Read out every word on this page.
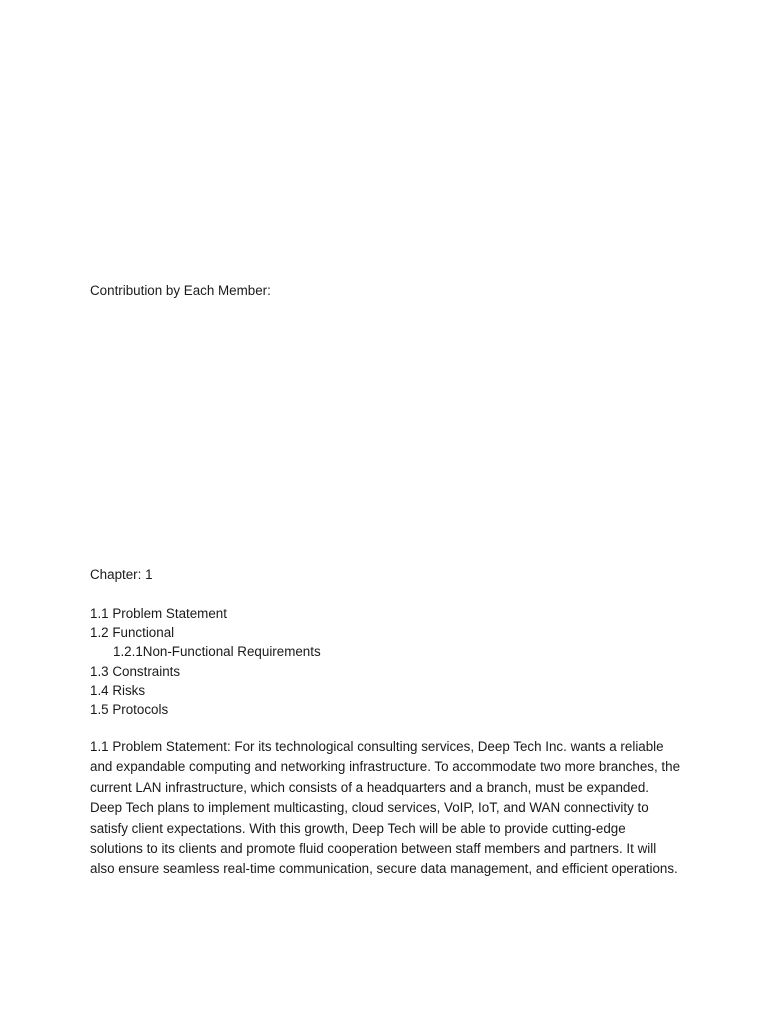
Contribution by Each Member:
Chapter: 1
1.1 Problem Statement
1.2 Functional
1.2.1Non-Functional Requirements
1.3 Constraints
1.4 Risks
1.5 Protocols

1.1 Problem Statement: For its technological consulting services, Deep Tech Inc. wants a reliable and expandable computing and networking infrastructure. To accommodate two more branches, the current LAN infrastructure, which consists of a headquarters and a branch, must be expanded. Deep Tech plans to implement multicasting, cloud services, VoIP, IoT, and WAN connectivity to satisfy client expectations. With this growth, Deep Tech will be able to provide cutting-edge solutions to its clients and promote fluid cooperation between staff members and partners. It will also ensure seamless real-time communication, secure data management, and efficient operations.
